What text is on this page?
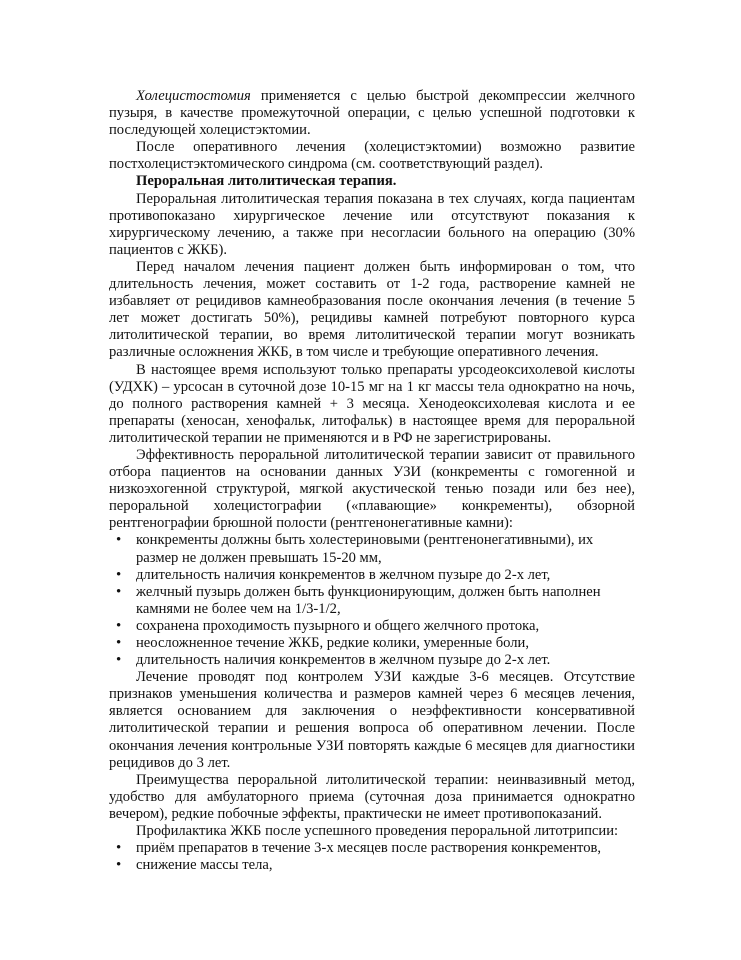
Холецистостомия применяется с целью быстрой декомпрессии желчного пузыря, в качестве промежуточной операции, с целью успешной подготовки к последующей холецистэктомии.

После оперативного лечения (холецистэктомии) возможно развитие постхолецистэктомического синдрома (см. соответствующий раздел).

Пероральная литолитическая терапия.

Пероральная литолитическая терапия показана в тех случаях, когда пациентам противопоказано хирургическое лечение или отсутствуют показания к хирургическому лечению, а также при несогласии больного на операцию (30% пациентов с ЖКБ).

Перед началом лечения пациент должен быть информирован о том, что длительность лечения, может составить от 1-2 года, растворение камней не избавляет от рецидивов камнеобразования после окончания лечения (в течение 5 лет может достигать 50%), рецидивы камней потребуют повторного курса литолитической терапии, во время литолитической терапии могут возникать различные осложнения ЖКБ, в том числе и требующие оперативного лечения.

В настоящее время используют только препараты урсодеоксихолевой кислоты (УДХК) – урсосан в суточной дозе 10-15 мг на 1 кг массы тела однократно на ночь, до полного растворения камней + 3 месяца. Хенодеоксихолевая кислота и ее препараты (хеносан, хенофальк, литофальк) в настоящее время для пероральной литолитической терапии не применяются и в РФ не зарегистрированы.

Эффективность пероральной литолитической терапии зависит от правильного отбора пациентов на основании данных УЗИ (конкременты с гомогенной и низкоэхогенной структурой, мягкой акустической тенью позади или без нее), пероральной холецистографии («плавающие» конкременты), обзорной рентгенографии брюшной полости (рентгенонегативные камни):

• конкременты должны быть холестериновыми (рентгенонегативными), их размер не должен превышать 15-20 мм,
• длительность наличия конкрементов в желчном пузыре до 2-х лет,
• желчный пузырь должен быть функционирующим, должен быть наполнен камнями не более чем на 1/3-1/2,
• сохранена проходимость пузырного и общего желчного протока,
• неосложненное течение ЖКБ, редкие колики, умеренные боли,
• длительность наличия конкрементов в желчном пузыре до 2-х лет.

Лечение проводят под контролем УЗИ каждые 3-6 месяцев. Отсутствие признаков уменьшения количества и размеров камней через 6 месяцев лечения, является основанием для заключения о неэффективности консервативной литолитической терапии и решения вопроса об оперативном лечении. После окончания лечения контрольные УЗИ повторять каждые 6 месяцев для диагностики рецидивов до 3 лет.

Преимущества пероральной литолитической терапии: неинвазивный метод, удобство для амбулаторного приема (суточная доза принимается однократно вечером), редкие побочные эффекты, практически не имеет противопоказаний.

Профилактика ЖКБ после успешного проведения пероральной литотрипсии:

• приём препаратов в течение 3-х месяцев после растворения конкрементов,
• снижение массы тела,
